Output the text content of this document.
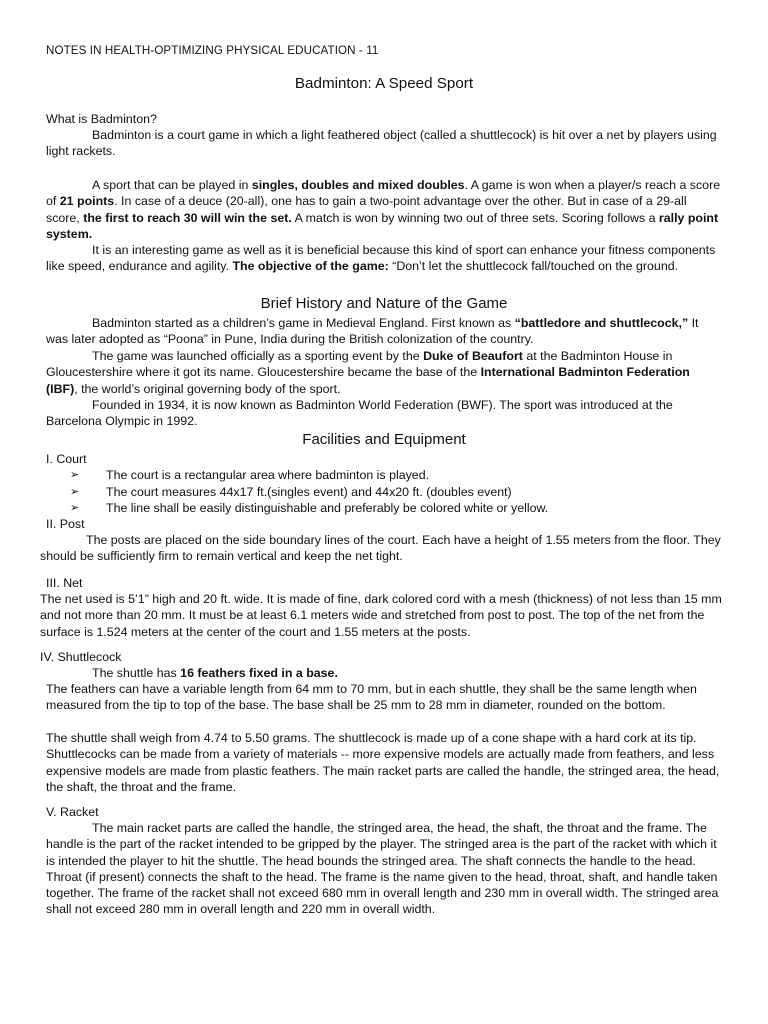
NOTES IN HEALTH-OPTIMIZING PHYSICAL EDUCATION - 11
Badminton: A Speed Sport
What is Badminton?

Badminton is a court game in which a light feathered object (called a shuttlecock) is hit over a net by players using light rackets.

A sport that can be played in singles, doubles and mixed doubles. A game is won when a player/s reach a score of 21 points. In case of a deuce (20-all), one has to gain a two-point advantage over the other. But in case of a 29-all score, the first to reach 30 will win the set. A match is won by winning two out of three sets. Scoring follows a rally point system.

It is an interesting game as well as it is beneficial because this kind of sport can enhance your fitness components like speed, endurance and agility. The objective of the game: “Don’t let the shuttlecock fall/touched on the ground.

Brief History and Nature of the Game

Badminton started as a children’s game in Medieval England. First known as “battledore and shuttlecock,” It was later adopted as “Poona” in Pune, India during the British colonization of the country.

The game was launched officially as a sporting event by the Duke of Beaufort at the Badminton House in Gloucestershire where it got its name. Gloucestershire became the base of the International Badminton Federation (IBF), the world’s original governing body of the sport.

Founded in 1934, it is now known as Badminton World Federation (BWF). The sport was introduced at the Barcelona Olympic in 1992.

Facilities and Equipment
I. Court
➢ The court is a rectangular area where badminton is played.
➢ The court measures 44x17 ft.(singles event) and 44x20 ft. (doubles event)
➢ The line shall be easily distinguishable and preferably be colored white or yellow.
II. Post

The posts are placed on the side boundary lines of the court. Each have a height of 1.55 meters from the floor. They should be sufficiently firm to remain vertical and keep the net tight.

III. Net

The net used is 5’1” high and 20 ft. wide. It is made of fine, dark colored cord with a mesh (thickness) of not less than 15 mm and not more than 20 mm. It must be at least 6.1 meters wide and stretched from post to post. The top of the net from the surface is 1.524 meters at the center of the court and 1.55 meters at the posts.

IV. Shuttlecock

The shuttle has 16 feathers fixed in a base.

The feathers can have a variable length from 64 mm to 70 mm, but in each shuttle, they shall be the same length when measured from the tip to top of the base. The base shall be 25 mm to 28 mm in diameter, rounded on the bottom.

The shuttle shall weigh from 4.74 to 5.50 grams. The shuttlecock is made up of a cone shape with a hard cork at its tip. Shuttlecocks can be made from a variety of materials -- more expensive models are actually made from feathers, and less expensive models are made from plastic feathers. The main racket parts are called the handle, the stringed area, the head, the shaft, the throat and the frame.

V. Racket

The main racket parts are called the handle, the stringed area, the head, the shaft, the throat and the frame. The handle is the part of the racket intended to be gripped by the player. The stringed area is the part of the racket with which it is intended the player to hit the shuttle. The head bounds the stringed area. The shaft connects the handle to the head. Throat (if present) connects the shaft to the head. The frame is the name given to the head, throat, shaft, and handle taken together. The frame of the racket shall not exceed 680 mm in overall length and 230 mm in overall width. The stringed area shall not exceed 280 mm in overall length and 220 mm in overall width.
